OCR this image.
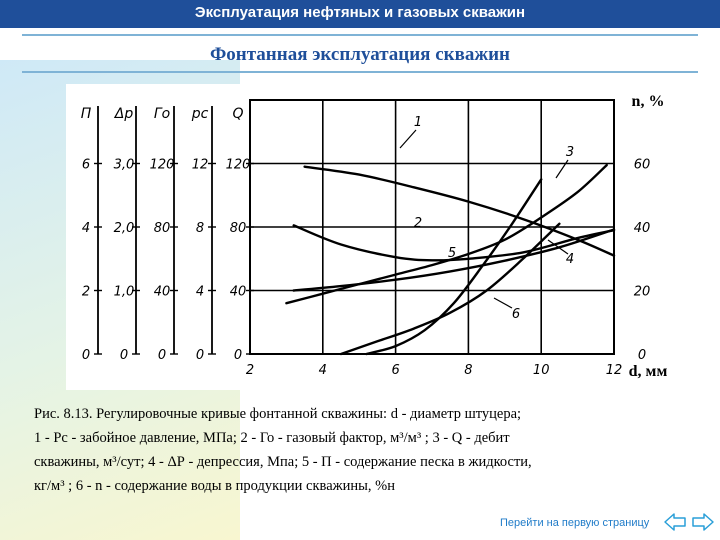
Эксплуатация нефтяных и газовых скважин
Фонтанная эксплуатация скважин
2	4	6	8	10	12
П
0
2
4
6
Δp
0
1,0
2,0
3,0
Го
0
40
80
120
pс
0
4
8
12
Q
0
40
80
120
n, %
0
20
40
60
d, мм
1
2
3
4
5
6
Рис. 8.13. Регулировочные кривые фонтанной скважины: d - диаметр штуцера;
1 - Рс - забойное давление, МПа; 2 - Го - газовый фактор, м³/м³ ; 3 - Q - дебит
скважины, м³/сут; 4 - ΔР - депрессия, Мпа; 5 - П - содержание песка в жидкости,
кг/м³ ; 6 - n - содержание воды в продукции скважины, %н
Перейти на первую страницу
